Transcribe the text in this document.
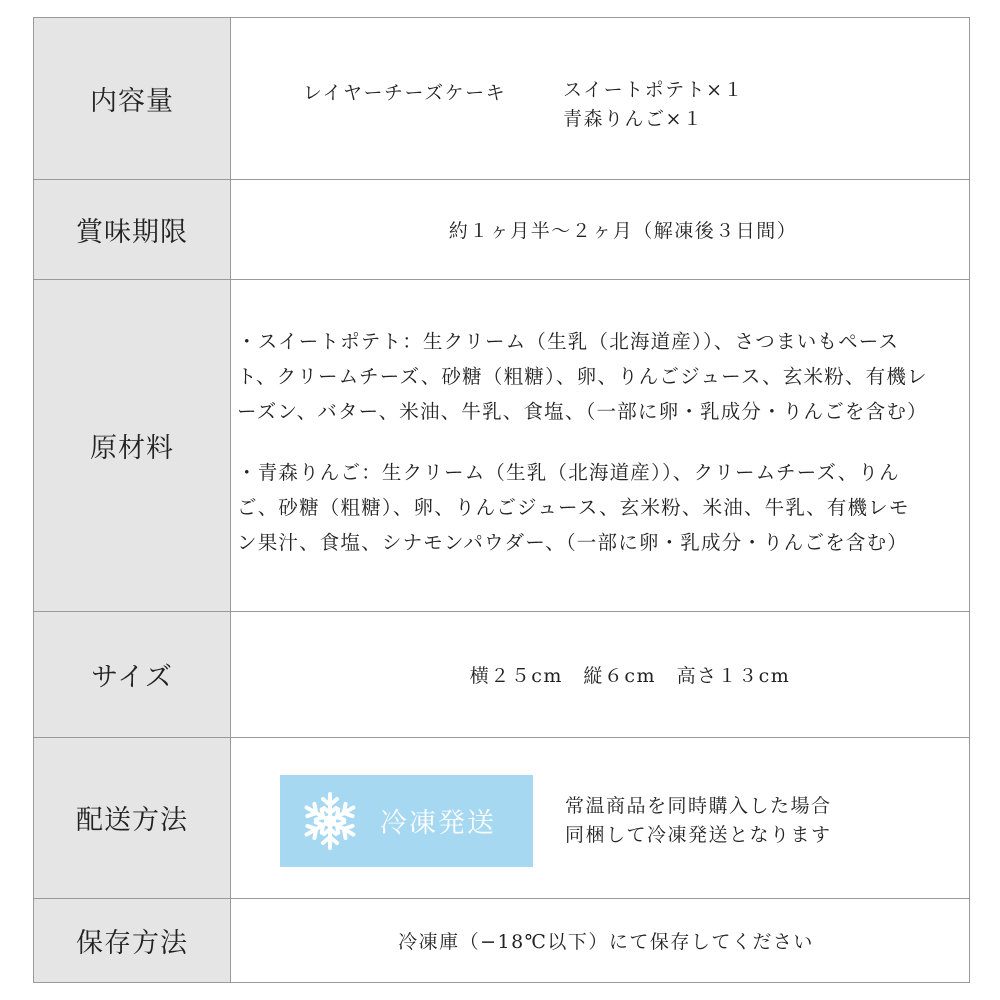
内容量	レイヤーチーズケーキ	スイートポテト×１
青森りんご×１
賞味期限	約１ヶ月半〜２ヶ月（解凍後３日間）
原材料
・スイートポテト：生クリーム（生乳（北海道産））、さつまいもペース
ト、クリームチーズ、砂糖（粗糖）、卵、りんごジュース、玄米粉、有機レ
ーズン、バター、米油、牛乳、食塩、（一部に卵・乳成分・りんごを含む）
・青森りんご：生クリーム（生乳（北海道産））、クリームチーズ、りん
ご、砂糖（粗糖）、卵、りんごジュース、玄米粉、米油、牛乳、有機レモ
ン果汁、食塩、シナモンパウダー、（一部に卵・乳成分・りんごを含む）
サイズ	横２５cm　縦６cm　高さ１３cm
配送方法	冷凍発送
常温商品を同時購入した場合
同梱して冷凍発送となります
保存方法	冷凍庫（−18℃以下）にて保存してください
